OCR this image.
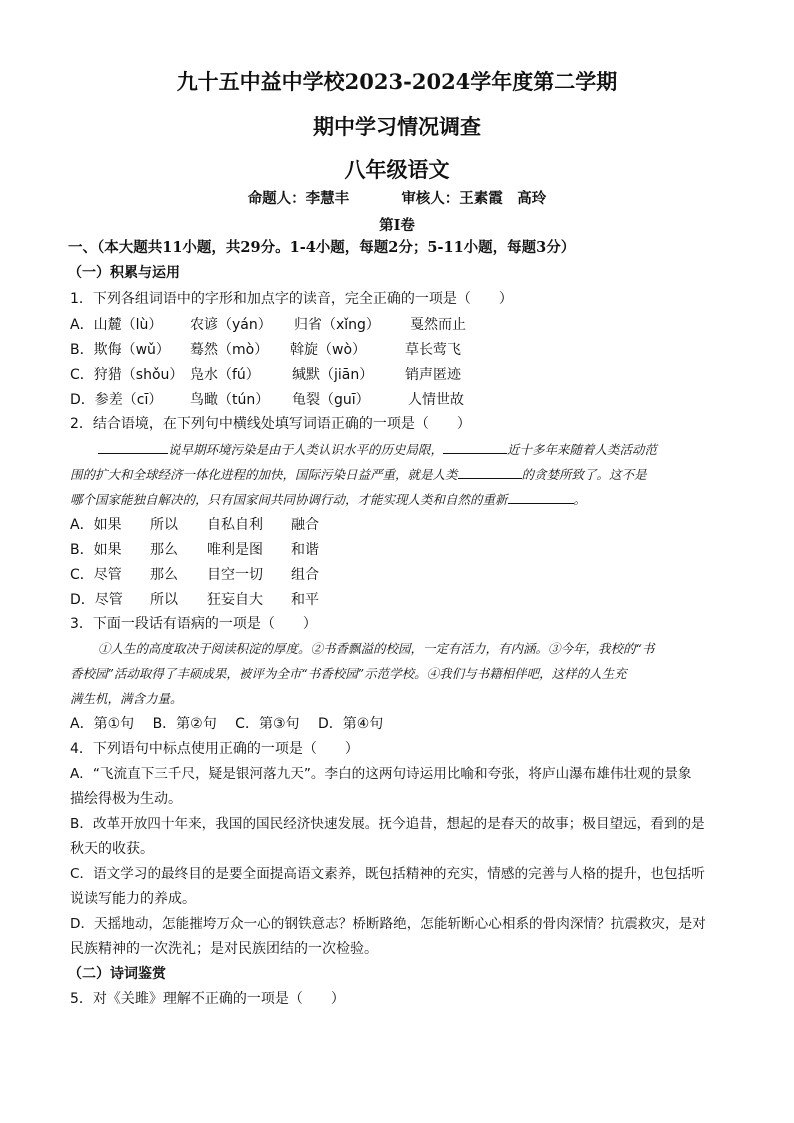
九十五中益中学校2023-2024学年度第二学期
期中学习情况调查
八年级语文
命题人：李慧丰	审核人：王素霞　高玲
第Ⅰ卷
一、（本大题共11小题，共29分。1-4小题，每题2分；5-11小题，每题3分）
（一）积累与运用
1．下列各组词语中的字形和加点字的读音，完全正确的一项是（　　）
A．山麓（lù） 农谚（yán） 归省（xǐng） 戛然而止
B．欺侮（wǔ） 蓦然（mò） 斡旋（wò）	草长莺飞
C．狩猎（shǒu） 凫水（fú） 缄默（jiān） 销声匿迹
D．参差（cī） 鸟瞰（tún） 龟裂（guī）	人情世故
2．结合语境，在下列句中横线处填写词语正确的一项是（　　）
说早期环境污染是由于人类认识水平的历史局限，	近十多年来随着人类活动范
围的扩大和全球经济一体化进程的加快，国际污染日益严重，就是人类	的贪婪所致了。这不是
哪个国家能独自解决的，只有国家间共同协调行动，才能实现人类和自然的重新	。
A．如果 所以 自私自利 融合
B．如果 那么 唯利是图 和谐
C．尽管 那么 目空一切 组合
D．尽管 所以 狂妄自大 和平
3．下面一段话有语病的一项是（　　）
①人生的高度取决于阅读积淀的厚度。②书香飘溢的校园，一定有活力，有内涵。③今年，我校的“书
香校园”活动取得了丰硕成果，被评为全市“书香校园”示范学校。④我们与书籍相伴吧，这样的人生充
满生机，满含力量。
A．第①句　 B．第②句　 C．第③句　 D．第④句
4．下列语句中标点使用正确的一项是（　　）
A．“飞流直下三千尺，疑是银河落九天”。李白的这两句诗运用比喻和夸张，将庐山瀑布雄伟壮观的景象
描绘得极为生动。
B．改革开放四十年来，我国的国民经济快速发展。抚今追昔，想起的是春天的故事；极目望远，看到的是
秋天的收获。
C．语文学习的最终目的是要全面提高语文素养，既包括精神的充实，情感的完善与人格的提升，也包括听
说读写能力的养成。
D．天摇地动，怎能摧垮万众一心的钢铁意志？桥断路绝，怎能斩断心心相系的骨肉深情？抗震救灾，是对
民族精神的一次洗礼；是对民族团结的一次检验。
（二）诗词鉴赏
5．对《关雎》理解不正确的一项是（　　）
